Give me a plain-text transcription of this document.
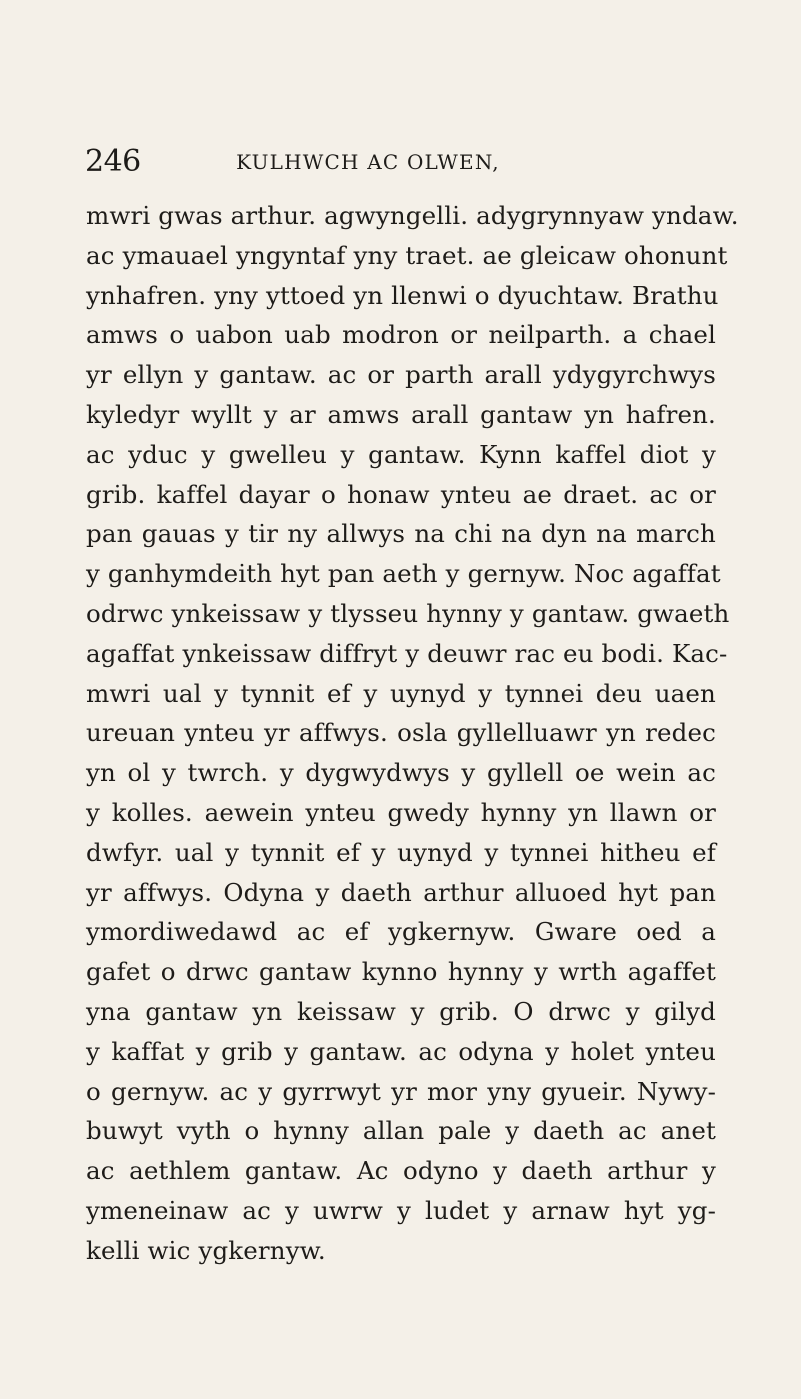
246	KULHWCH AC OLWEN,
mwri gwas arthur. agwyngelli. adygrynnyaw yndaw.
ac ymauael yngyntaf yny traet. ae gleicaw ohonunt
ynhafren. yny yttoed yn llenwi o dyuchtaw. Brathu
amws o uabon uab modron or neilparth. a chael
yr ellyn y gantaw. ac or parth arall ydygyrchwys
kyledyr wyllt y ar amws arall gantaw yn hafren.
ac yduc y gwelleu y gantaw. Kynn kaffel diot y
grib. kaffel dayar o honaw ynteu ae draet. ac or
pan gauas y tir ny allwys na chi na dyn na march
y ganhymdeith hyt pan aeth y gernyw. Noc agaffat
odrwc ynkeissaw y tlysseu hynny y gantaw. gwaeth
agaffat ynkeissaw diffryt y deuwr rac eu bodi. Kac-
mwri ual y tynnit ef y uynyd y tynnei deu uaen
ureuan ynteu yr affwys. osla gyllelluawr yn redec
yn ol y twrch. y dygwydwys y gyllell oe wein ac
y kolles. aewein ynteu gwedy hynny yn llawn or
dwfyr. ual y tynnit ef y uynyd y tynnei hitheu ef
yr affwys. Odyna y daeth arthur alluoed hyt pan
ymordiwedawd ac ef ygkernyw. Gware oed a
gafet o drwc gantaw kynno hynny y wrth agaffet
yna gantaw yn keissaw y grib. O drwc y gilyd
y kaffat y grib y gantaw. ac odyna y holet ynteu
o gernyw. ac y gyrrwyt yr mor yny gyueir. Nywy-
buwyt vyth o hynny allan pale y daeth ac anet
ac aethlem gantaw. Ac odyno y daeth arthur y
ymeneinaw ac y uwrw y ludet y arnaw hyt yg-
kelli wic ygkernyw.
